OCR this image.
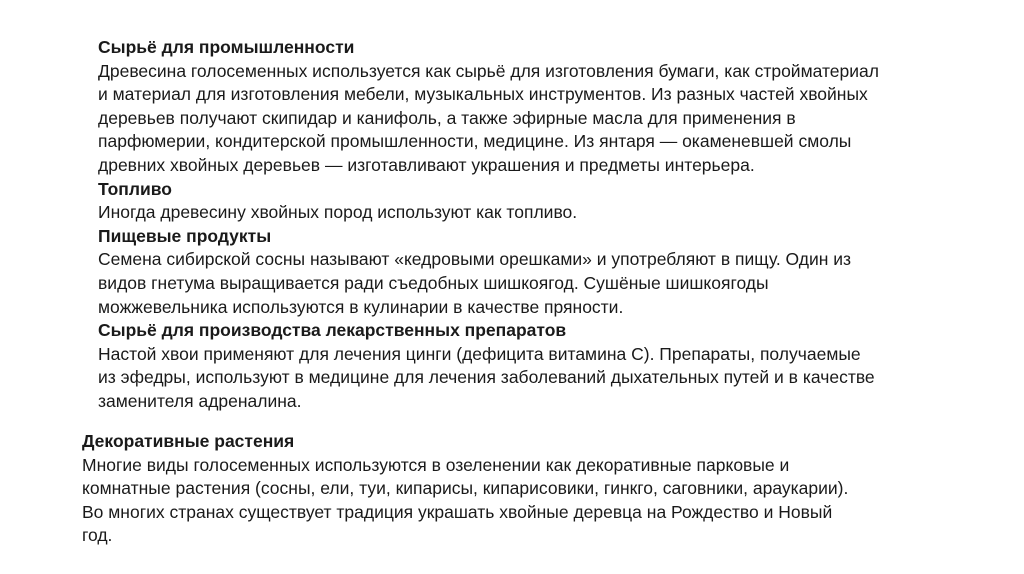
Сырьё для промышленности
Древесина голосеменных используется как сырьё для изготовления бумаги, как стройматериал
и материал для изготовления мебели, музыкальных инструментов. Из разных частей хвойных
деревьев получают скипидар и канифоль, а также эфирные масла для применения в
парфюмерии, кондитерской промышленности, медицине. Из янтаря — окаменевшей смолы
древних хвойных деревьев — изготавливают украшения и предметы интерьера.
Топливо
Иногда древесину хвойных пород используют как топливо.
Пищевые продукты
Семена сибирской сосны называют «кедровыми орешками» и употребляют в пищу. Один из
видов гнетума выращивается ради съедобных шишкоягод. Сушёные шишкоягоды
можжевельника используются в кулинарии в качестве пряности.
Сырьё для производства лекарственных препаратов
Настой хвои применяют для лечения цинги (дефицита витамина С). Препараты, получаемые
из эфедры, используют в медицине для лечения заболеваний дыхательных путей и в качестве
заменителя адреналина.
Декоративные растения
Многие виды голосеменных используются в озеленении как декоративные парковые и
комнатные растения (сосны, ели, туи, кипарисы, кипарисовики, гинкго, саговники, араукарии).
Во многих странах существует традиция украшать хвойные деревца на Рождество и Новый
год.
